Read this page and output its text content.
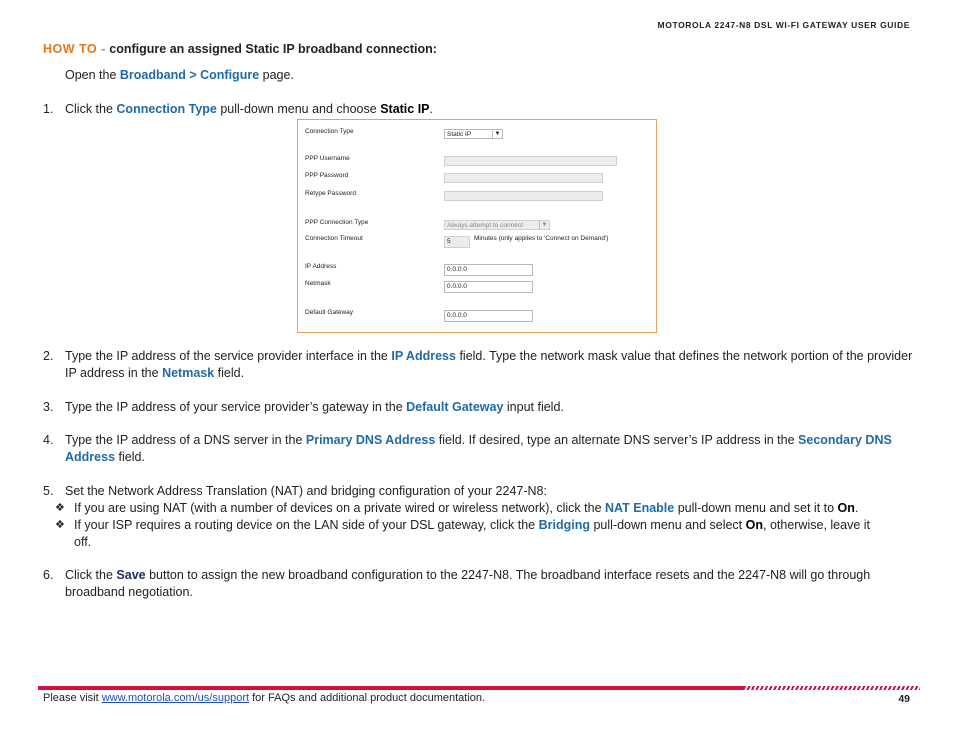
MOTOROLA 2247-N8 DSL WI-FI GATEWAY USER GUIDE
HOW TO - configure an assigned Static IP broadband connection:
Open the Broadband > Configure page.
1. Click the Connection Type pull-down menu and choose Static IP.
Connection Type	Static IP	▼
PPP Username
PPP Password
Retype Password
PPP Connection Type	Always attempt to connect	▼
Connection Timeout	5	Minutes (only applies to 'Connect on Demand')
IP Address	0.0.0.0
Netmask	0.0.0.0
Default Gateway	0.0.0.0
2. Type the IP address of the service provider interface in the IP Address field. Type the network mask value that defines the network portion of the provider IP address in the Netmask field.
3. Type the IP address of your service provider’s gateway in the Default Gateway input field.
4. Type the IP address of a DNS server in the Primary DNS Address field. If desired, type an alternate DNS server’s IP address in the Secondary DNS Address field.
5. Set the Network Address Translation (NAT) and bridging configuration of your 2247-N8:
❖ If you are using NAT (with a number of devices on a private wired or wireless network), click the NAT Enable pull-down menu and set it to On.
❖ If your ISP requires a routing device on the LAN side of your DSL gateway, click the Bridging pull-down menu and select On, otherwise, leave it off.
6. Click the Save button to assign the new broadband configuration to the 2247-N8. The broadband interface resets and the 2247-N8 will go through broadband negotiation.
Please visit www.motorola.com/us/support for FAQs and additional product documentation.	49
